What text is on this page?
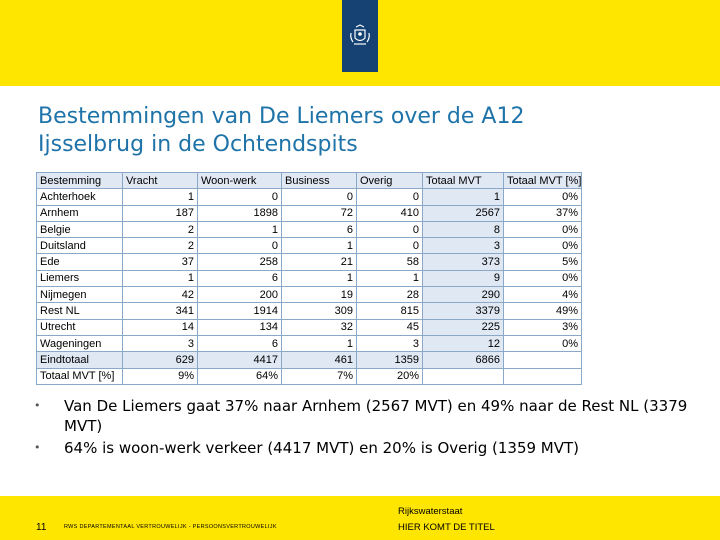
Bestemmingen van De Liemers over de A12
Ijsselbrug in de Ochtendspits
Bestemming	Vracht	Woon-werk	Business	Overig	Totaal MVT	Totaal MVT [%]
Achterhoek	1	0	0	0	1	0%
Arnhem	187	1898	72	410	2567	37%
Belgie	2	1	6	0	8	0%
Duitsland	2	0	1	0	3	0%
Ede	37	258	21	58	373	5%
Liemers	1	6	1	1	9	0%
Nijmegen	42	200	19	28	290	4%
Rest NL	341	1914	309	815	3379	49%
Utrecht	14	134	32	45	225	3%
Wageningen	3	6	1	3	12	0%
Eindtotaal	629	4417	461	1359	6866	
Totaal MVT [%]	9%	64%	7%	20%		
• Van De Liemers gaat 37% naar Arnhem (2567 MVT) en 49% naar de Rest NL (3379 MVT)
• 64% is woon-werk verkeer (4417 MVT) en 20% is Overig (1359 MVT)
11	RWS DEPARTEMENTAAL VERTROUWELIJK - PERSOONSVERTROUWELIJK
Rijkswaterstaat
HIER KOMT DE TITEL
